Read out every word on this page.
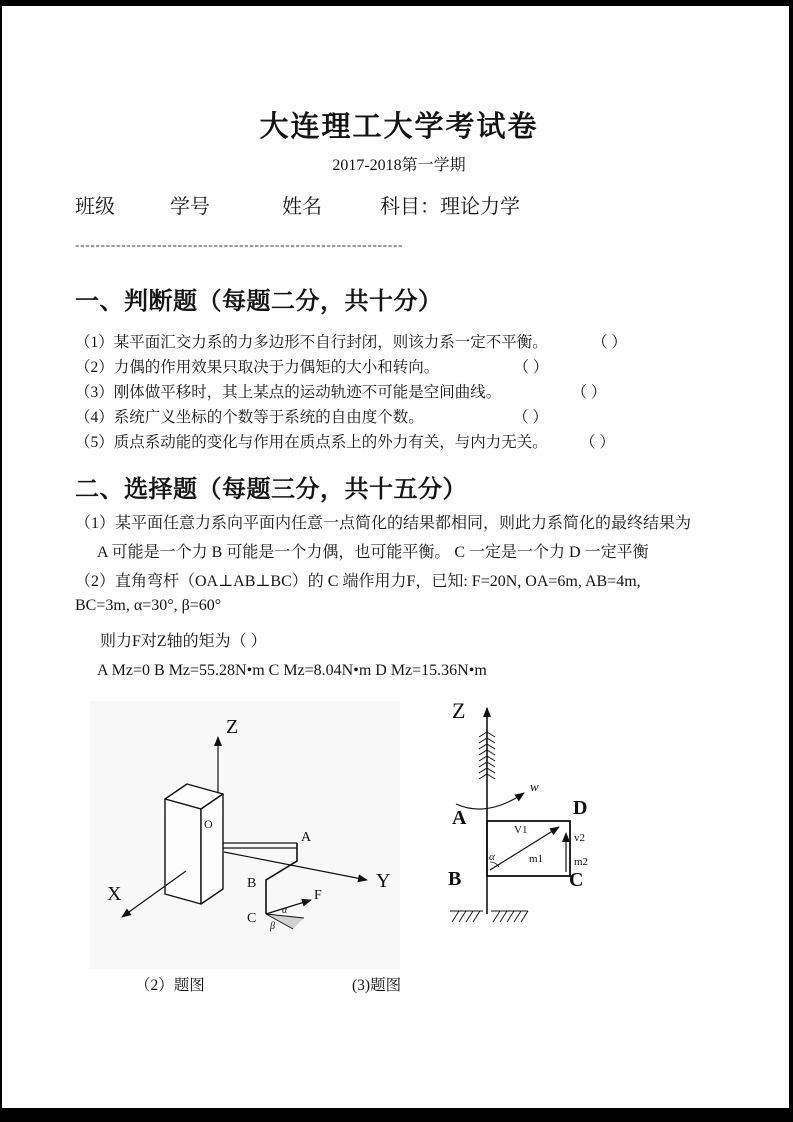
大连理工大学考试卷
2017-2018第一学期
班级	学号	姓名	科目：理论力学
----------------------------------------------------------------
一、判断题（每题二分，共十分）
（1）某平面汇交力系的力多边形不自行封闭，则该力系一定不平衡。	（ ）
（2）力偶的作用效果只取决于力偶矩的大小和转向。	（ ）
（3）刚体做平移时，其上某点的运动轨迹不可能是空间曲线。	（ ）
（4）系统广义坐标的个数等于系统的自由度个数。	（ ）
（5）质点系动能的变化与作用在质点系上的外力有关，与内力无关。	（ ）
二、选择题（每题三分，共十五分）
（1）某平面任意力系向平面内任意一点简化的结果都相同，则此力系简化的最终结果为
A 可能是一个力 B 可能是一个力偶，也可能平衡。 C 一定是一个力 D 一定平衡
（2）直角弯杆（OA⊥AB⊥BC）的 C 端作用力F，已知: F=20N, OA=6m, AB=4m,
BC=3m, α=30°, β=60°
则力F对Z轴的矩为（ ）
A Mz=0 B Mz=55.28N•m C Mz=8.04N•m D Mz=15.36N•m
Z
O
A
B
C
F
α
β
X
Y
Z
w
A	D
B	C
V1
α	m1
v2
m2
（2）题图	(3)题图
